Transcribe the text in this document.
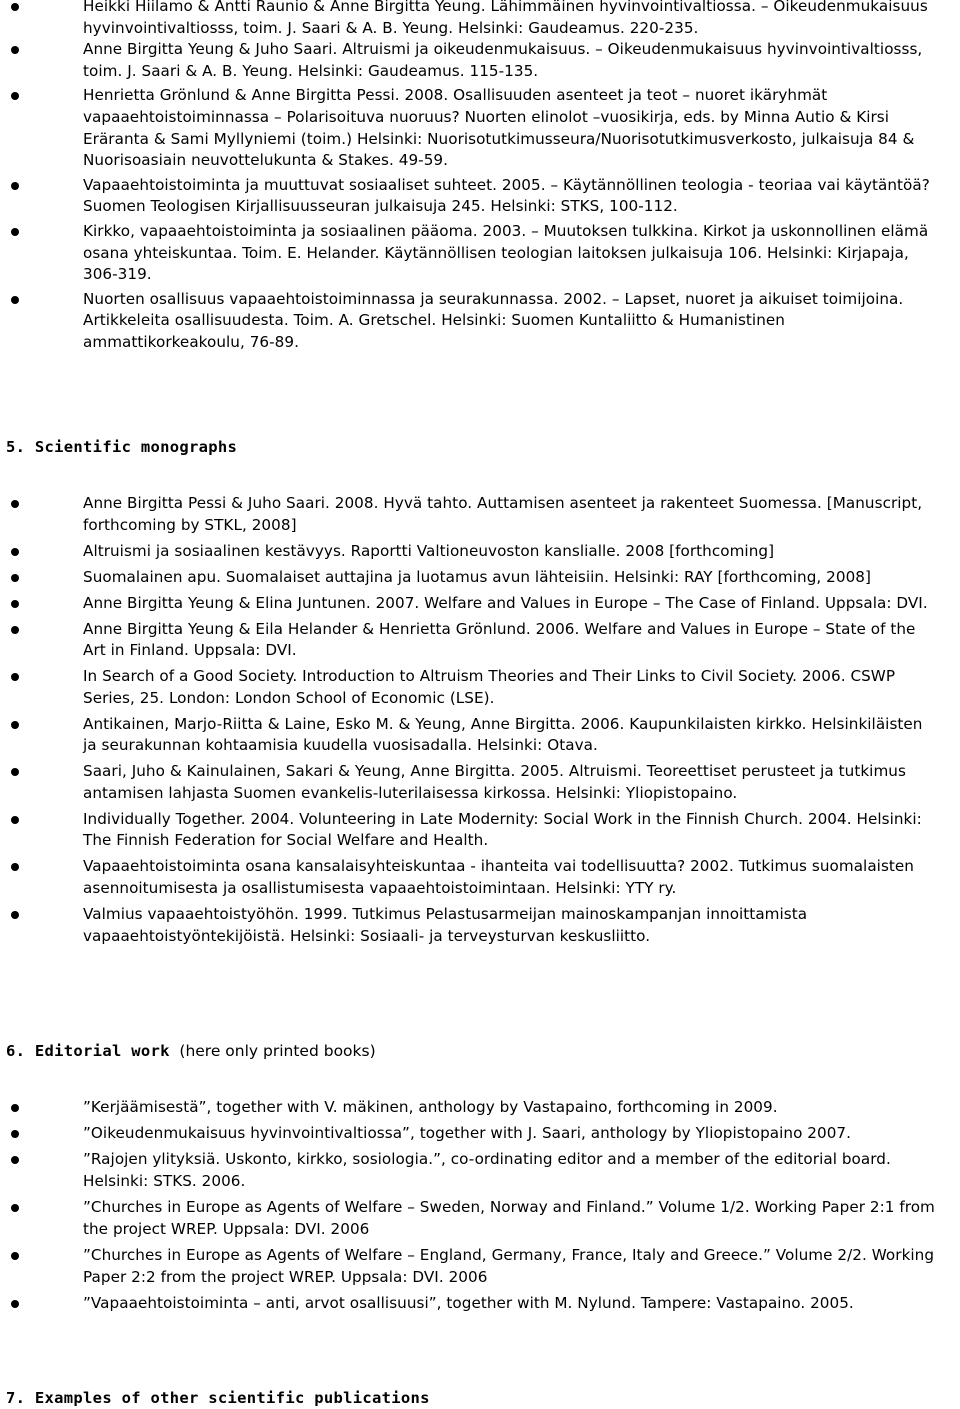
Heikki Hiilamo & Antti Raunio & Anne Birgitta Yeung. Lähimmäinen hyvinvointivaltiossa. – Oikeudenmukaisuus hyvinvointivaltiosss, toim. J. Saari & A. B. Yeung. Helsinki: Gaudeamus. 220-235.
Anne Birgitta Yeung & Juho Saari. Altruismi ja oikeudenmukaisuus. – Oikeudenmukaisuus hyvinvointivaltiosss, toim. J. Saari & A. B. Yeung. Helsinki: Gaudeamus. 115-135.
Henrietta Grönlund & Anne Birgitta Pessi. 2008. Osallisuuden asenteet ja teot – nuoret ikäryhmät vapaaehtoistoiminnassa – Polarisoituva nuoruus? Nuorten elinolot –vuosikirja, eds. by Minna Autio & Kirsi Eräranta & Sami Myllyniemi (toim.) Helsinki: Nuorisotutkimusseura/Nuorisotutkimusverkosto, julkaisuja 84 & Nuorisoasiain neuvottelukunta & Stakes. 49-59.
Vapaaehtoistoiminta ja muuttuvat sosiaaliset suhteet. 2005. – Käytännöllinen teologia - teoriaa vai käytäntöä? Suomen Teologisen Kirjallisuusseuran julkaisuja 245. Helsinki: STKS, 100-112.
Kirkko, vapaaehtoistoiminta ja sosiaalinen pääoma. 2003. – Muutoksen tulkkina. Kirkot ja uskonnollinen elämä osana yhteiskuntaa. Toim. E. Helander. Käytännöllisen teologian laitoksen julkaisuja 106. Helsinki: Kirjapaja, 306-319.
Nuorten osallisuus vapaaehtoistoiminnassa ja seurakunnassa. 2002. – Lapset, nuoret ja aikuiset toimijoina. Artikkeleita osallisuudesta. Toim. A. Gretschel. Helsinki: Suomen Kuntaliitto & Humanistinen ammattikorkeakoulu, 76-89.
5. Scientific monographs
Anne Birgitta Pessi & Juho Saari. 2008. Hyvä tahto. Auttamisen asenteet ja rakenteet Suomessa. [Manuscript, forthcoming by STKL, 2008]
Altruismi ja sosiaalinen kestävyys. Raportti Valtioneuvoston kanslialle. 2008 [forthcoming]
Suomalainen apu. Suomalaiset auttajina ja luotamus avun lähteisiin. Helsinki: RAY [forthcoming, 2008]
Anne Birgitta Yeung & Elina Juntunen. 2007. Welfare and Values in Europe – The Case of Finland. Uppsala: DVI.
Anne Birgitta Yeung & Eila Helander & Henrietta Grönlund. 2006. Welfare and Values in Europe – State of the Art in Finland. Uppsala: DVI.
In Search of a Good Society. Introduction to Altruism Theories and Their Links to Civil Society. 2006. CSWP Series, 25. London: London School of Economic (LSE).
Antikainen, Marjo-Riitta & Laine, Esko M. & Yeung, Anne Birgitta. 2006. Kaupunkilaisten kirkko. Helsinkiläisten ja seurakunnan kohtaamisia kuudella vuosisadalla. Helsinki: Otava.
Saari, Juho & Kainulainen, Sakari & Yeung, Anne Birgitta. 2005. Altruismi. Teoreettiset perusteet ja tutkimus antamisen lahjasta Suomen evankelis-luterilaisessa kirkossa. Helsinki: Yliopistopaino.
Individually Together. 2004. Volunteering in Late Modernity: Social Work in the Finnish Church. 2004. Helsinki: The Finnish Federation for Social Welfare and Health.
Vapaaehtoistoiminta osana kansalaisyhteiskuntaa - ihanteita vai todellisuutta? 2002. Tutkimus suomalaisten asennoitumisesta ja osallistumisesta vapaaehtoistoimintaan. Helsinki: YTY ry.
Valmius vapaaehtoistyöhön. 1999. Tutkimus Pelastusarmeijan mainoskampanjan innoittamista vapaaehtoistyöntekijöistä. Helsinki: Sosiaali- ja terveysturvan keskusliitto.
6. Editorial work (here only printed books)
”Kerjäämisestä”, together with V. mäkinen, anthology by Vastapaino, forthcoming in 2009.
”Oikeudenmukaisuus hyvinvointivaltiossa”, together with J. Saari, anthology by Yliopistopaino 2007.
”Rajojen ylityksiä. Uskonto, kirkko, sosiologia.”, co-ordinating editor and a member of the editorial board. Helsinki: STKS. 2006.
”Churches in Europe as Agents of Welfare – Sweden, Norway and Finland.” Volume 1/2. Working Paper 2:1 from the project WREP. Uppsala: DVI. 2006
”Churches in Europe as Agents of Welfare – England, Germany, France, Italy and Greece.” Volume 2/2. Working Paper 2:2 from the project WREP. Uppsala: DVI. 2006
”Vapaaehtoistoiminta – anti, arvot osallisuusi”, together with M. Nylund. Tampere: Vastapaino. 2005.
7. Examples of other scientific publications
